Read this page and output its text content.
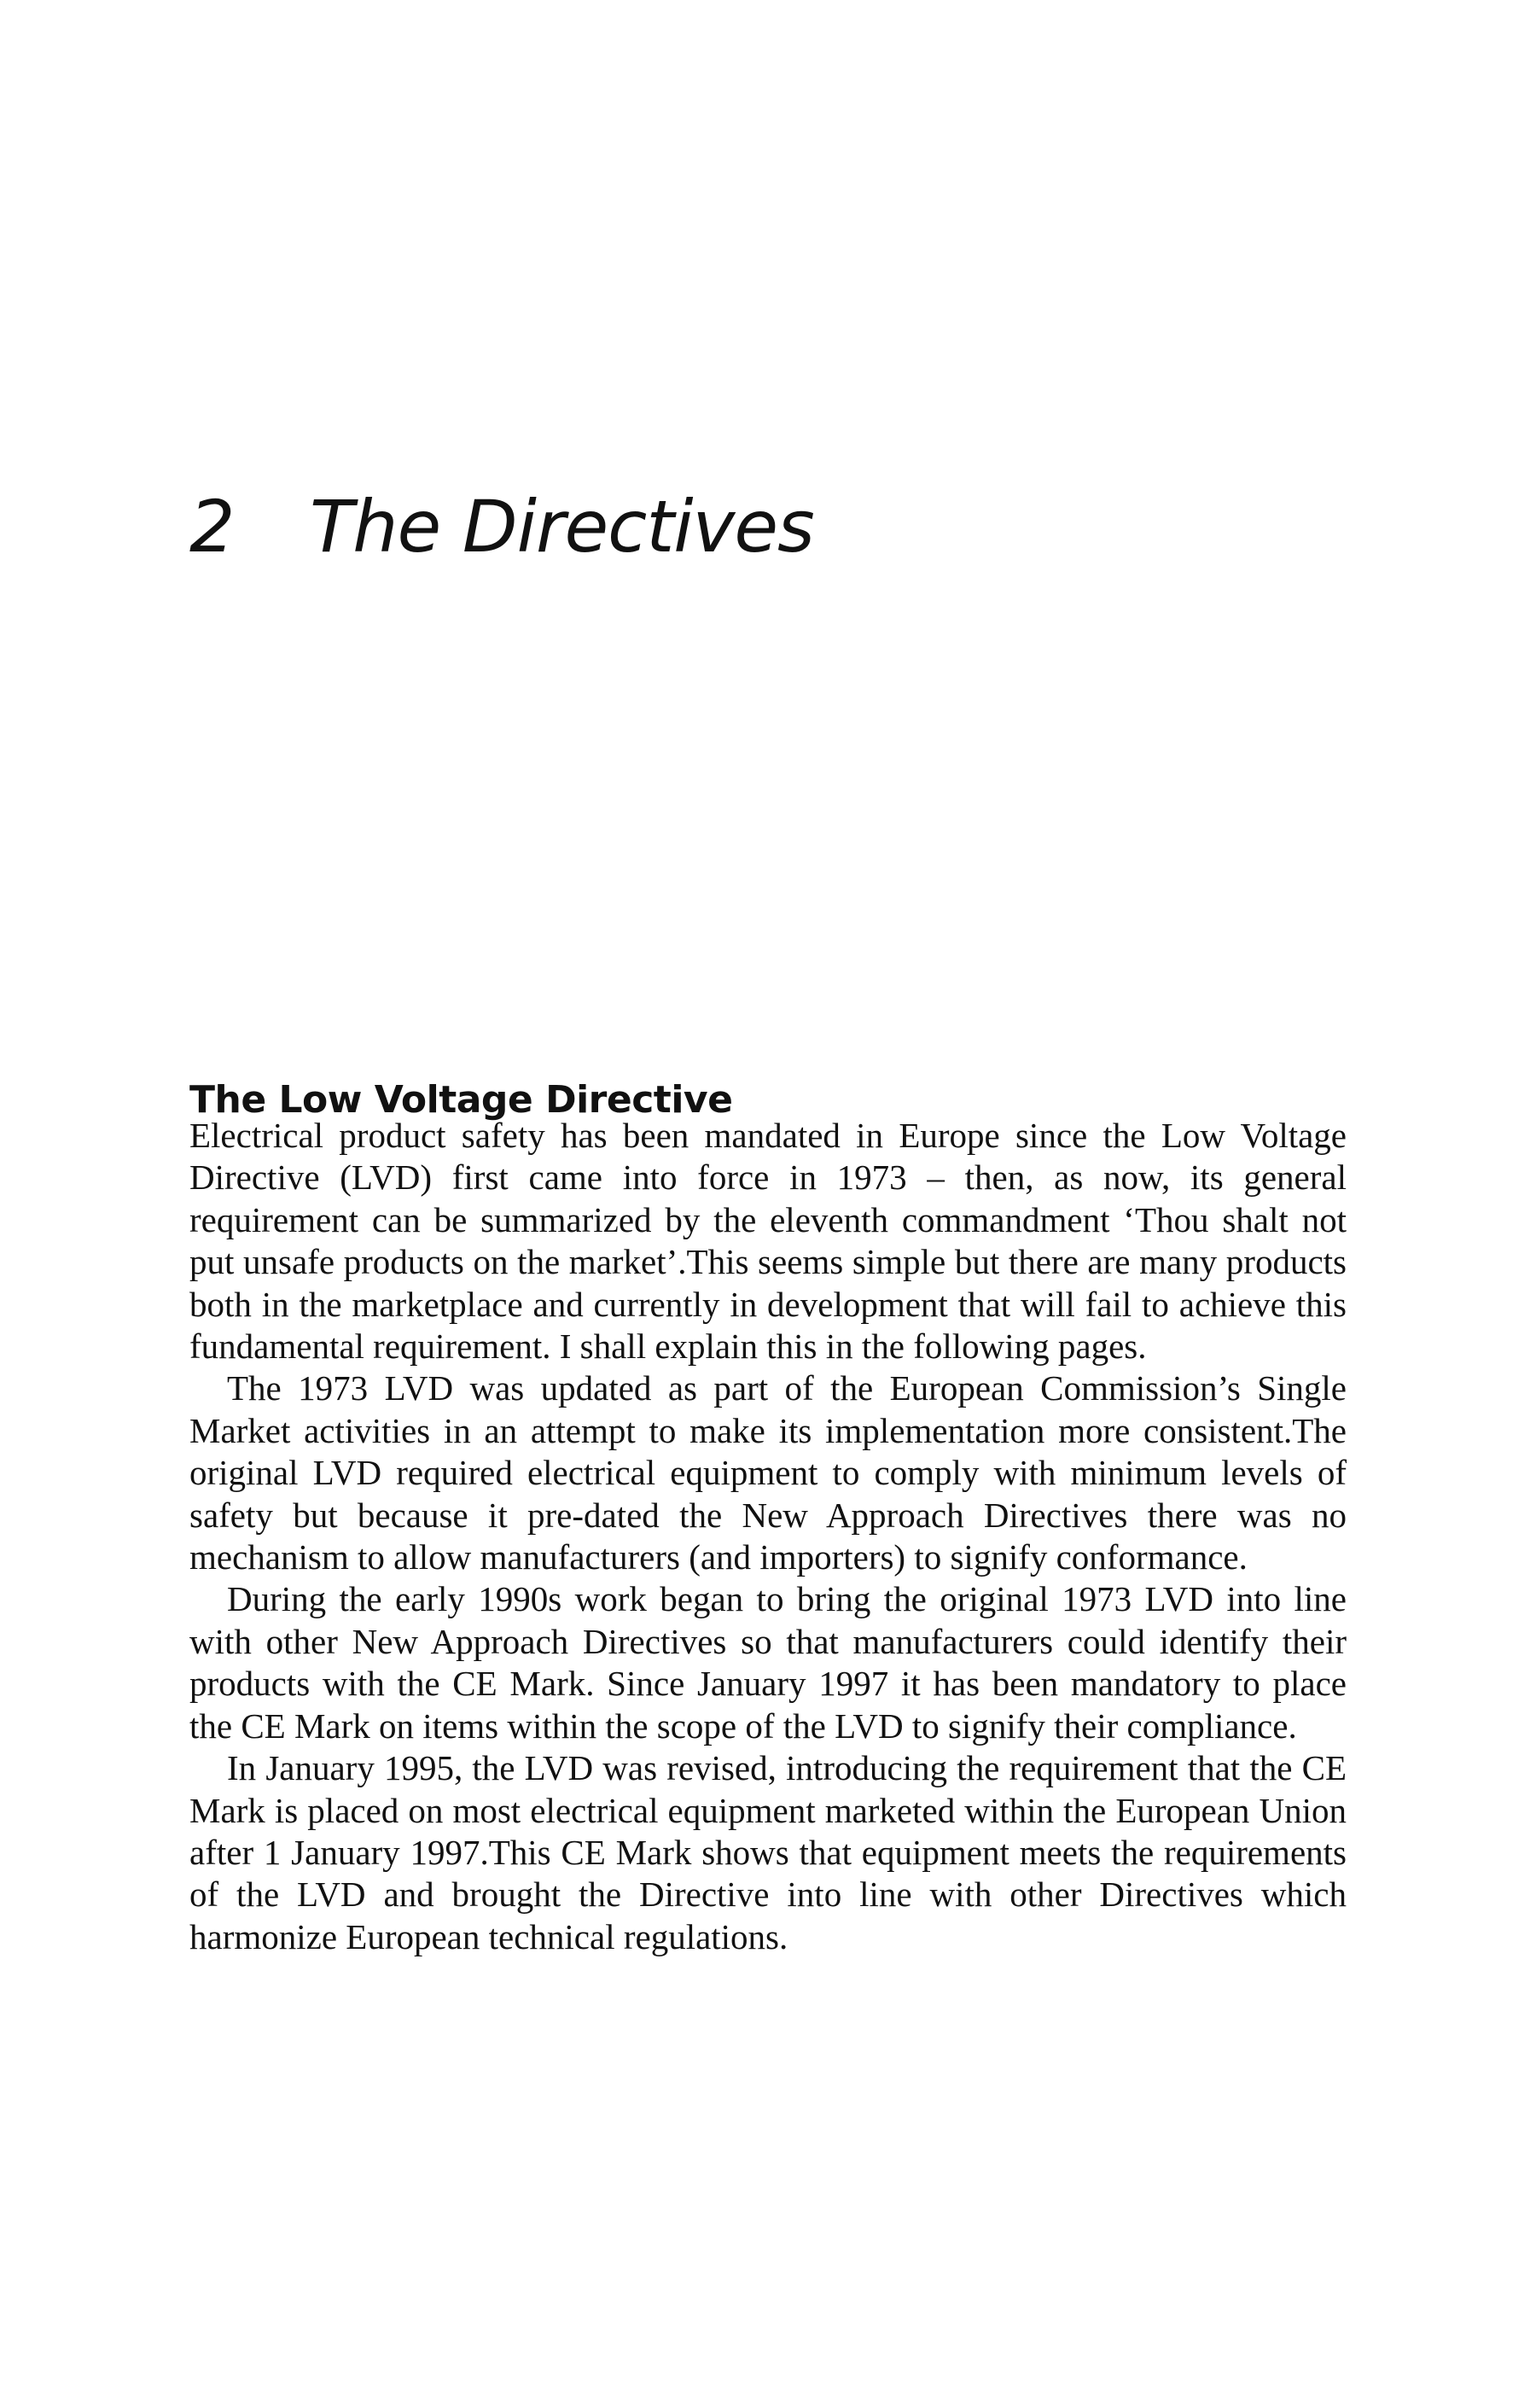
2 The Directives
The Low Voltage Directive

Electrical product safety has been mandated in Europe since the Low Voltage Directive (LVD) first came into force in 1973 – then, as now, its general requirement can be summarized by the eleventh commandment ‘Thou shalt not put unsafe products on the market’.This seems simple but there are many products both in the marketplace and currently in development that will fail to achieve this fundamental requirement. I shall explain this in the following pages.

The 1973 LVD was updated as part of the European Commission’s Single Market activities in an attempt to make its implementation more consistent.The original LVD required electrical equipment to comply with minimum levels of safety but because it pre-dated the New Approach Directives there was no mechanism to allow manufacturers (and importers) to signify conformance.

During the early 1990s work began to bring the original 1973 LVD into line with other New Approach Directives so that manufacturers could identify their products with the CE Mark. Since January 1997 it has been mandatory to place the CE Mark on items within the scope of the LVD to signify their compliance.

In January 1995, the LVD was revised, introducing the requirement that the CE Mark is placed on most electrical equipment marketed within the European Union after 1 January 1997.This CE Mark shows that equipment meets the requirements of the LVD and brought the Directive into line with other Directives which harmonize European technical regulations.
